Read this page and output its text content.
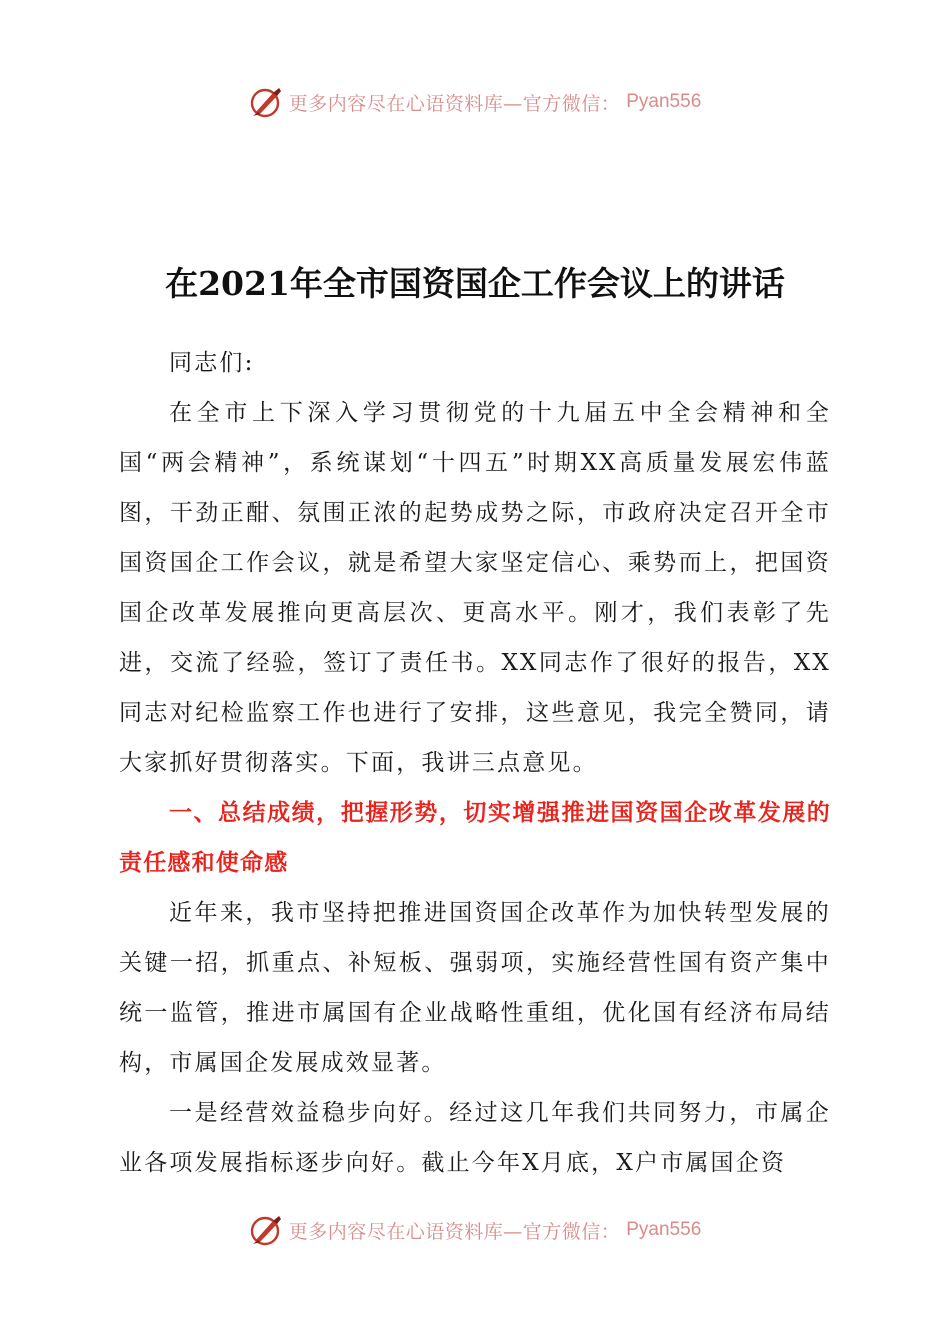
更多内容尽在心语资料库—官方微信： Pyan556
在2021年全市国资国企工作会议上的讲话

同志们:

在全市上下深入学习贯彻党的十九届五中全会精神和全国“两会精神”，系统谋划“十四五”时期XX高质量发展宏伟蓝图，干劲正酣、氛围正浓的起势成势之际，市政府决定召开全市国资国企工作会议，就是希望大家坚定信心、乘势而上，把国资国企改革发展推向更高层次、更高水平。刚才，我们表彰了先进，交流了经验，签订了责任书。XX同志作了很好的报告，XX同志对纪检监察工作也进行了安排，这些意见，我完全赞同，请大家抓好贯彻落实。下面，我讲三点意见。

一、总结成绩，把握形势，切实增强推进国资国企改革发展的责任感和使命感

近年来，我市坚持把推进国资国企改革作为加快转型发展的关键一招，抓重点、补短板、强弱项，实施经营性国有资产集中统一监管，推进市属国有企业战略性重组，优化国有经济布局结构，市属国企发展成效显著。

一是经营效益稳步向好。经过这几年我们共同努力，市属企业各项发展指标逐步向好。截止今年X月底，X户市属国企资

更多内容尽在心语资料库—官方微信： Pyan556
